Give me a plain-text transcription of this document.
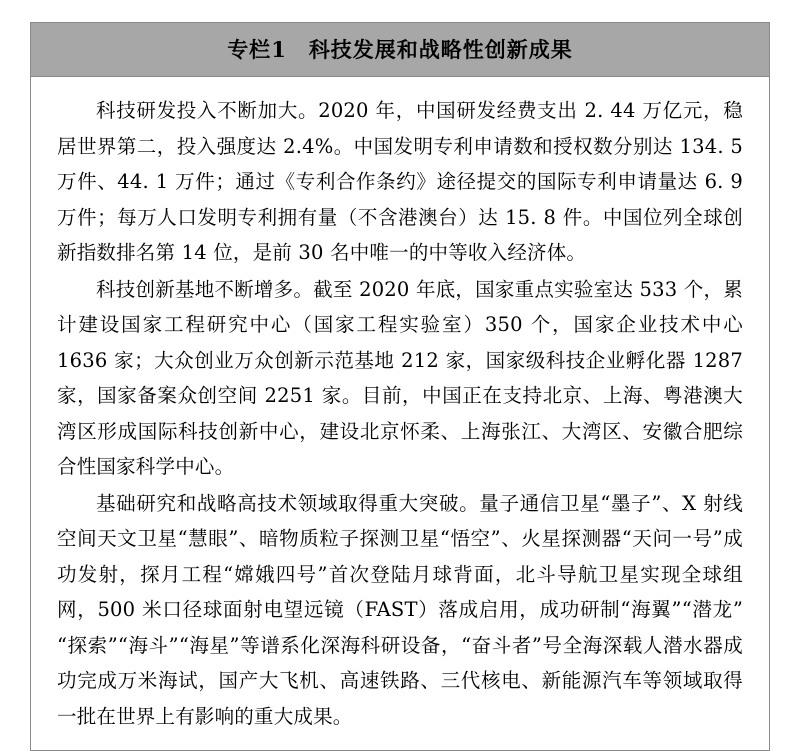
专栏1 科技发展和战略性创新成果

科技研发投入不断加大。2020 年，中国研发经费支出 2. 44 万亿元，稳居世界第二，投入强度达 2.4%。中国发明专利申请数和授权数分别达 134. 5 万件、44. 1 万件；通过《专利合作条约》途径提交的国际专利申请量达 6. 9 万件；每万人口发明专利拥有量（不含港澳台）达 15. 8 件。中国位列全球创新指数排名第 14 位，是前 30 名中唯一的中等收入经济体。

科技创新基地不断增多。截至 2020 年底，国家重点实验室达 533 个，累计建设国家工程研究中心（国家工程实验室）350 个，国家企业技术中心 1636 家；大众创业万众创新示范基地 212 家，国家级科技企业孵化器 1287 家，国家备案众创空间 2251 家。目前，中国正在支持北京、上海、粤港澳大湾区形成国际科技创新中心，建设北京怀柔、上海张江、大湾区、安徽合肥综合性国家科学中心。

基础研究和战略高技术领域取得重大突破。量子通信卫星“墨子”、X 射线空间天文卫星“慧眼”、暗物质粒子探测卫星“悟空”、火星探测器“天问一号”成功发射，探月工程“嫦娥四号”首次登陆月球背面，北斗导航卫星实现全球组网，500 米口径球面射电望远镜（FAST）落成启用，成功研制“海翼”“潜龙”“探索”“海斗”“海星”等谱系化深海科研设备，“奋斗者”号全海深载人潜水器成功完成万米海试，国产大飞机、高速铁路、三代核电、新能源汽车等领域取得一批在世界上有影响的重大成果。
